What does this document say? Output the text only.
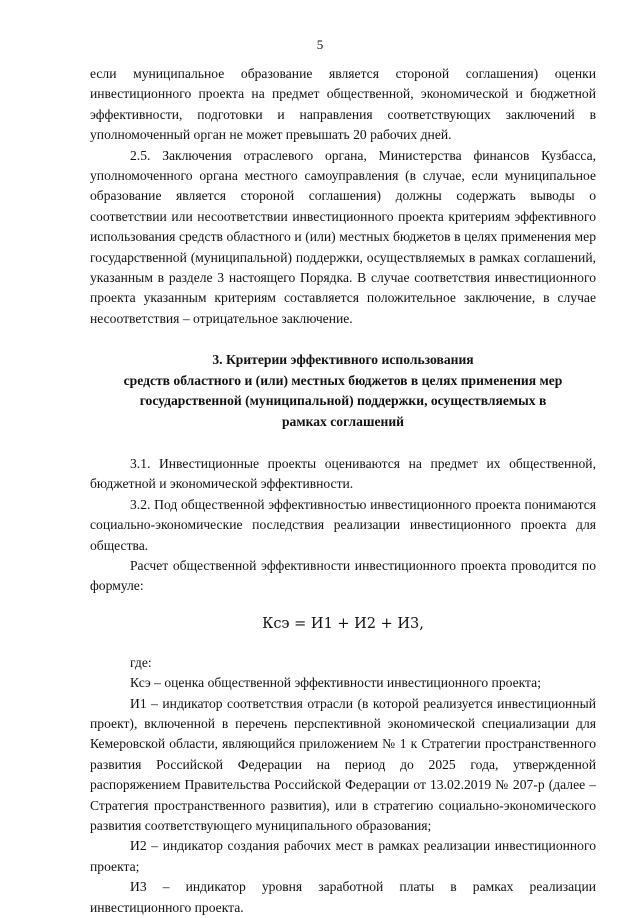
5

если муниципальное образование является стороной соглашения) оценки инвестиционного проекта на предмет общественной, экономической и бюджетной эффективности, подготовки и направления соответствующих заключений в уполномоченный орган не может превышать 20 рабочих дней.

2.5. Заключения отраслевого органа, Министерства финансов Кузбасса, уполномоченного органа местного самоуправления (в случае, если муниципальное образование является стороной соглашения) должны содержать выводы о соответствии или несоответствии инвестиционного проекта критериям эффективного использования средств областного и (или) местных бюджетов в целях применения мер государственной (муниципальной) поддержки, осуществляемых в рамках соглашений, указанным в разделе 3 настоящего Порядка. В случае соответствия инвестиционного проекта указанным критериям составляется положительное заключение, в случае несоответствия – отрицательное заключение.

3. Критерии эффективного использования
средств областного и (или) местных бюджетов в целях применения мер
государственной (муниципальной) поддержки, осуществляемых в
рамках соглашений

3.1. Инвестиционные проекты оцениваются на предмет их общественной, бюджетной и экономической эффективности.

3.2. Под общественной эффективностью инвестиционного проекта понимаются социально-экономические последствия реализации инвестиционного проекта для общества.

Расчет общественной эффективности инвестиционного проекта проводится по формуле:

Ксэ = И1 + И2 + И3,

где:

Ксэ – оценка общественной эффективности инвестиционного проекта;

И1 – индикатор соответствия отрасли (в которой реализуется инвестиционный проект), включенной в перечень перспективной экономической специализации для Кемеровской области, являющийся приложением № 1 к Стратегии пространственного развития Российской Федерации на период до 2025 года, утвержденной распоряжением Правительства Российской Федерации от 13.02.2019 № 207-р (далее – Стратегия пространственного развития), или в стратегию социально-экономического развития соответствующего муниципального образования;

И2 – индикатор создания рабочих мест в рамках реализации инвестиционного проекта;

И3 – индикатор уровня заработной платы в рамках реализации инвестиционного проекта.
